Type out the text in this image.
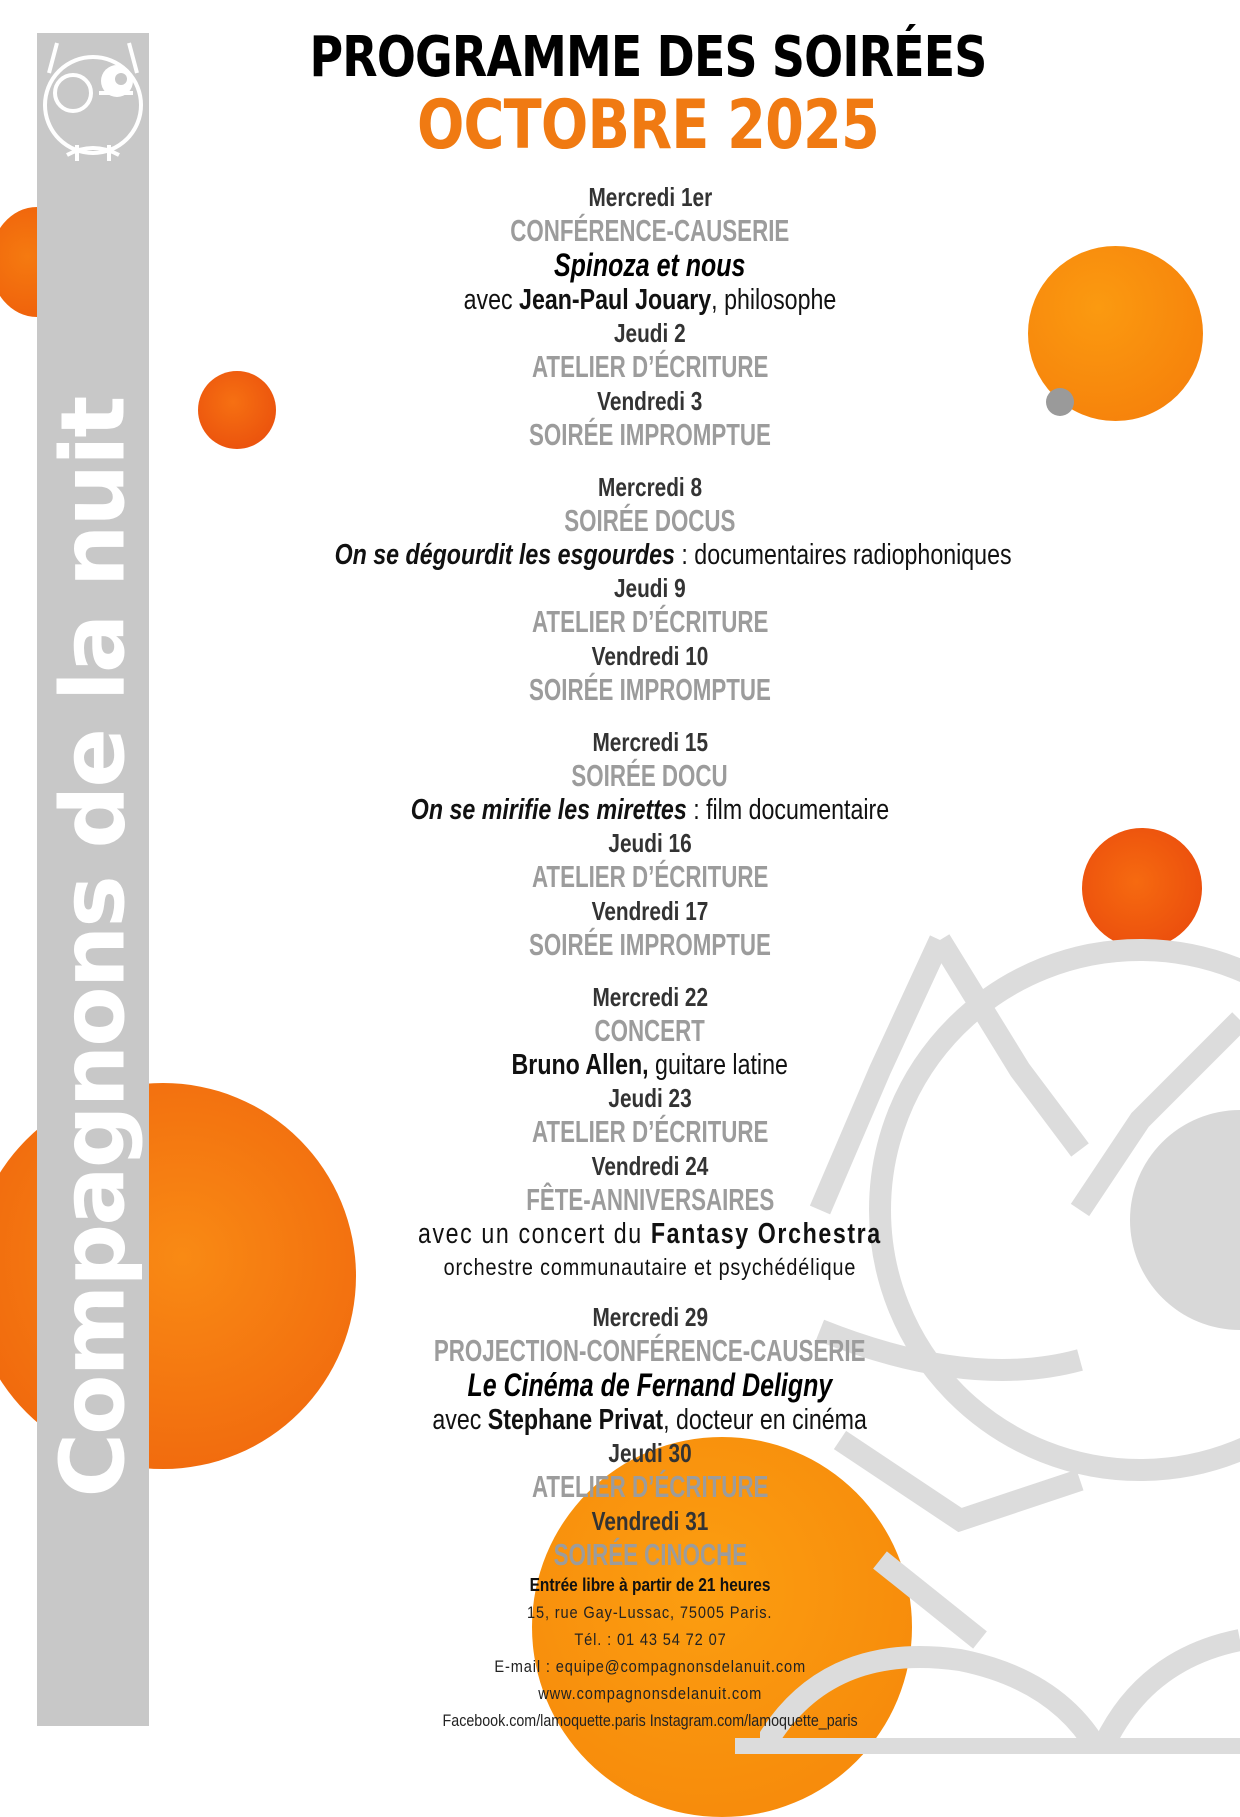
Compagnons de la nuit
PROGRAMME DES SOIRÉES
OCTOBRE 2025
Mercredi 1er
CONFÉRENCE-CAUSERIE
Spinoza et nous
avec Jean-Paul Jouary, philosophe
Jeudi 2
ATELIER D’ÉCRITURE
Vendredi 3
SOIRÉE IMPROMPTUE
Mercredi 8
SOIRÉE DOCUS
On se dégourdit les esgourdes : documentaires radiophoniques
Jeudi 9
ATELIER D’ÉCRITURE
Vendredi 10
SOIRÉE IMPROMPTUE
Mercredi 15
SOIRÉE DOCU
On se mirifie les mirettes : film documentaire
Jeudi 16
ATELIER D’ÉCRITURE
Vendredi 17
SOIRÉE IMPROMPTUE
Mercredi 22
CONCERT
Bruno Allen, guitare latine
Jeudi 23
ATELIER D’ÉCRITURE
Vendredi 24
FÊTE-ANNIVERSAIRES
avec un concert du Fantasy Orchestra
orchestre communautaire et psychédélique
Mercredi 29
PROJECTION-CONFÉRENCE-CAUSERIE
Le Cinéma de Fernand Deligny
avec Stephane Privat, docteur en cinéma
Jeudi 30
ATELIER D’ÉCRITURE
Vendredi 31
SOIRÉE CINOCHE
Entrée libre à partir de 21 heures
15, rue Gay-Lussac, 75005 Paris.
Tél. : 01 43 54 72 07
E-mail : equipe@compagnonsdelanuit.com
www.compagnonsdelanuit.com
Facebook.com/lamoquette.paris Instagram.com/lamoquette_paris
